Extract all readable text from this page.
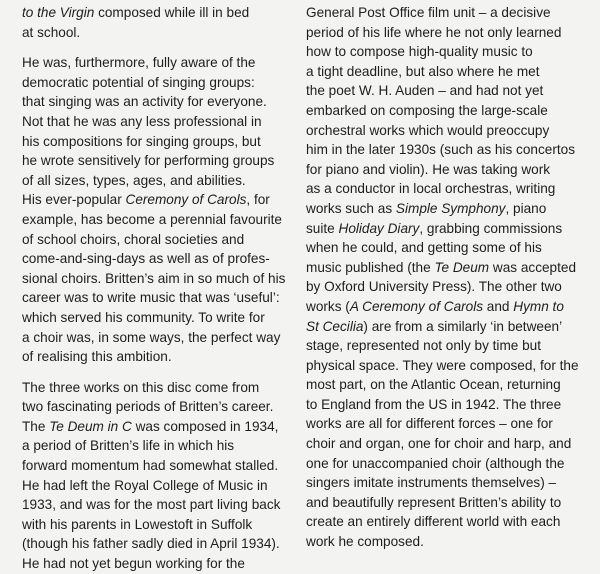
to the Virgin composed while ill in bed
at school.

He was, furthermore, fully aware of the
democratic potential of singing groups:
that singing was an activity for everyone.
Not that he was any less professional in
his compositions for singing groups, but
he wrote sensitively for performing groups
of all sizes, types, ages, and abilities.
His ever-popular Ceremony of Carols, for
example, has become a perennial favourite
of school choirs, choral societies and
come-and-sing-days as well as of profes-
sional choirs. Britten’s aim in so much of his
career was to write music that was ‘useful’:
which served his community. To write for
a choir was, in some ways, the perfect way
of realising this ambition.

The three works on this disc come from
two fascinating periods of Britten’s career.
The Te Deum in C was composed in 1934,
a period of Britten’s life in which his
forward momentum had somewhat stalled.
He had left the Royal College of Music in
1933, and was for the most part living back
with his parents in Lowestoft in Suffolk
(though his father sadly died in April 1934).
He had not yet begun working for the

General Post Office film unit – a decisive
period of his life where he not only learned
how to compose high-quality music to
a tight deadline, but also where he met
the poet W. H. Auden – and had not yet
embarked on composing the large-scale
orchestral works which would preoccupy
him in the later 1930s (such as his concertos
for piano and violin). He was taking work
as a conductor in local orchestras, writing
works such as Simple Symphony, piano
suite Holiday Diary, grabbing commissions
when he could, and getting some of his
music published (the Te Deum was accepted
by Oxford University Press). The other two
works (A Ceremony of Carols and Hymn to
St Cecilia) are from a similarly ‘in between’
stage, represented not only by time but
physical space. They were composed, for the
most part, on the Atlantic Ocean, returning
to England from the US in 1942. The three
works are all for different forces – one for
choir and organ, one for choir and harp, and
one for unaccompanied choir (although the
singers imitate instruments themselves) –
and beautifully represent Britten’s ability to
create an entirely different world with each
work he composed.
